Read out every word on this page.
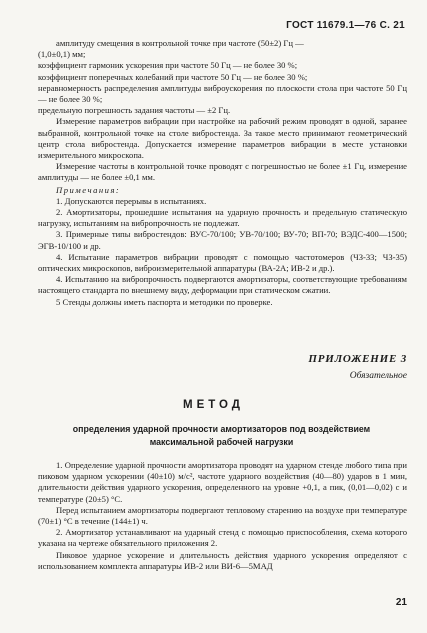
ГОСТ 11679.1—76 С. 21

амплитуду смещения в контрольной точке при частоте (50±2) Гц —

(1,0±0,1) мм;

коэффициент гармоник ускорения при частоте 50 Гц — не более 30 %;

коэффициент поперечных колебаний при частоте 50 Гц — не более 30 %;

неравномерность распределения амплитуды виброускорения по плоскости стола при частоте 50 Гц — не более 30 %;

предельную погрешность задания частоты — ±2 Гц.

Измерение параметров вибрации при настройке на рабочий режим проводят в одной, заранее выбранной, контрольной точке на столе вибростенда. За такое место принимают геометрический центр стола вибростенда. Допускается измерение параметров вибрации в месте установки измерительного микроскопа.

Измерение частоты в контрольной точке проводят с погрешностью не более ±1 Гц, измерение амплитуды — не более ±0,1 мм.

Примечания:

1. Допускаются перерывы в испытаниях.

2. Амортизаторы, прошедшие испытания на ударную прочность и предельную статическую нагрузку, испытаниям на вибропрочность не подлежат.

3. Примерные типы вибростендов: ВУС-70/100; УВ-70/100; ВУ-70; ВП-70; ВЭДС-400—1500; ЭГВ-10/100 и др.

4. Испытание параметров вибрации проводят с помощью частотомеров (ЧЗ-33; ЧЗ-35) оптических микроскопов, виброизмерительной аппаратуры (ВА-2А; ИВ-2 и др.).

4. Испытанию на вибропрочность подвергаются амортизаторы, соответствующие требованиям настоящего стандарта по внешнему виду, деформации при статическом сжатии.

5 Стенды должны иметь паспорта и методики по проверке.

ПРИЛОЖЕНИЕ 3
Обязательное
МЕТОД
определения ударной прочности амортизаторов под воздействием максимальной рабочей нагрузки

1. Определение ударной прочности амортизатора проводят на ударном стенде любого типа при пиковом ударном ускорении (40±10) м/с², частоте ударного воздействия (40—80) ударов в 1 мин, длительности действия ударного ускорения, определенного на уровне +0,1, а пик, (0,01—0,02) с и температуре (20±5) °С.

Перед испытанием амортизаторы подвергают тепловому старению на воздухе при температуре (70±1) °С в течение (144±1) ч.

2. Амортизатор устанавливают на ударный стенд с помощью приспособления, схема которого указана на чертеже обязательного приложения 2.

Пиковое ударное ускорение и длительность действия ударного ускорения определяют с использованием комплекта аппаратуры ИВ-2 или ВИ-6—5МАД

21
